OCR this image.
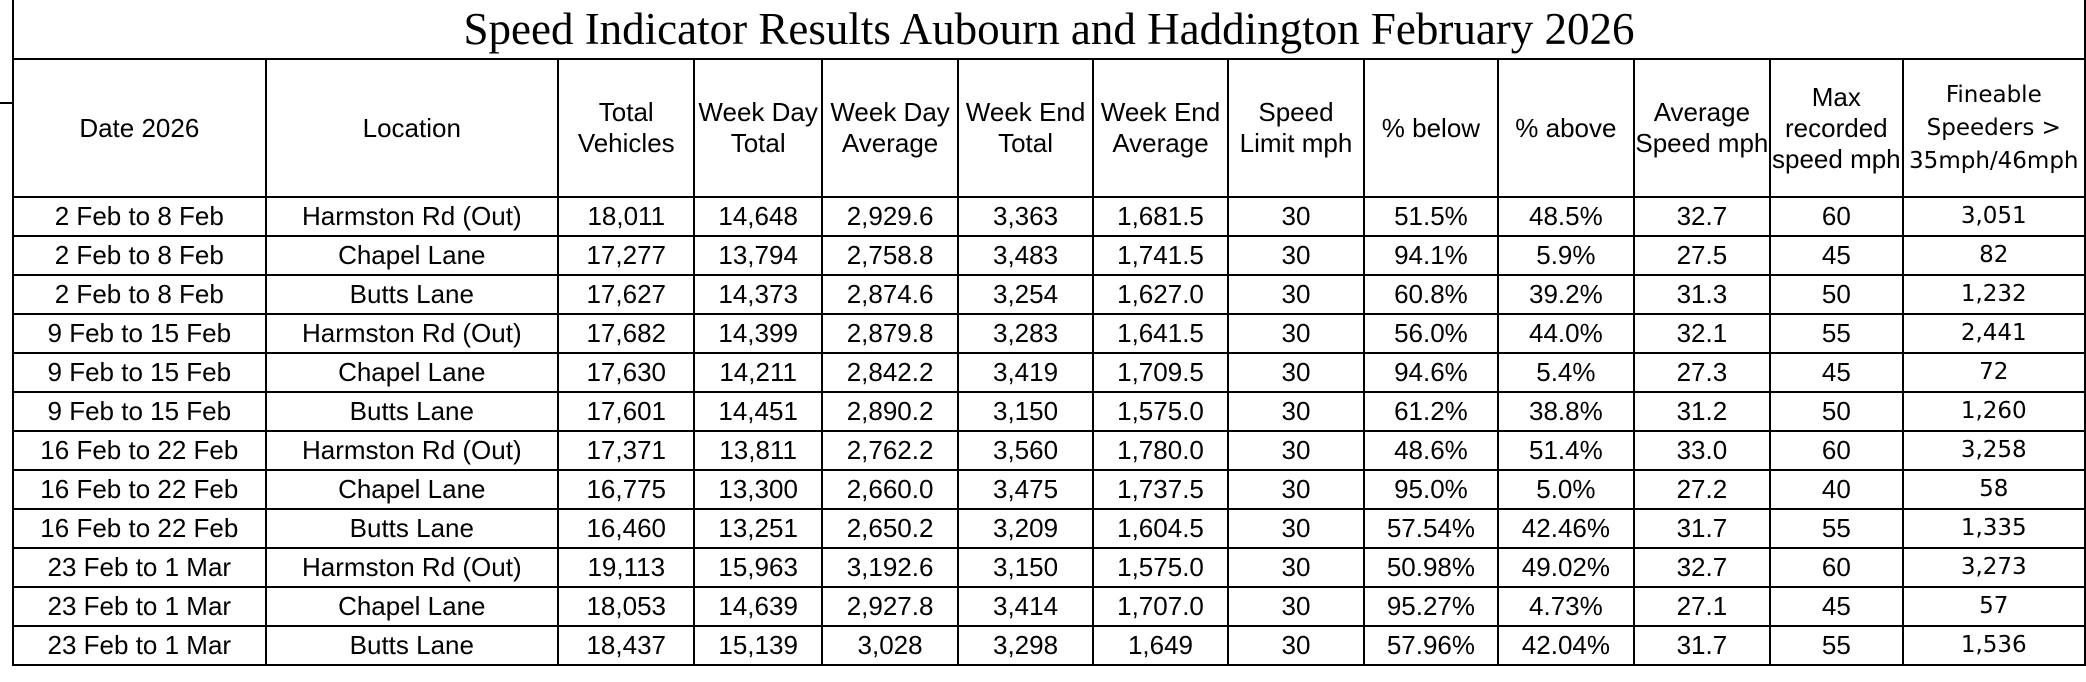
Speed Indicator Results Aubourn and Haddington February 2026												
Date 2026	Location	Total Vehicles	Week Day Total	Week Day Average	Week End Total	Week End Average	Speed Limit mph	% below	% above	Average Speed mph	Max recorded speed mph	Fineable Speeders > 35mph/46mph
2 Feb to 8 Feb	Harmston Rd (Out)	18,011	14,648	2,929.6	3,363	1,681.5	30	51.5%	48.5%	32.7	60	3,051
2 Feb to 8 Feb	Chapel Lane	17,277	13,794	2,758.8	3,483	1,741.5	30	94.1%	5.9%	27.5	45	82
2 Feb to 8 Feb	Butts Lane	17,627	14,373	2,874.6	3,254	1,627.0	30	60.8%	39.2%	31.3	50	1,232
9 Feb to 15 Feb	Harmston Rd (Out)	17,682	14,399	2,879.8	3,283	1,641.5	30	56.0%	44.0%	32.1	55	2,441
9 Feb to 15 Feb	Chapel Lane	17,630	14,211	2,842.2	3,419	1,709.5	30	94.6%	5.4%	27.3	45	72
9 Feb to 15 Feb	Butts Lane	17,601	14,451	2,890.2	3,150	1,575.0	30	61.2%	38.8%	31.2	50	1,260
16 Feb to 22 Feb	Harmston Rd (Out)	17,371	13,811	2,762.2	3,560	1,780.0	30	48.6%	51.4%	33.0	60	3,258
16 Feb to 22 Feb	Chapel Lane	16,775	13,300	2,660.0	3,475	1,737.5	30	95.0%	5.0%	27.2	40	58
16 Feb to 22 Feb	Butts Lane	16,460	13,251	2,650.2	3,209	1,604.5	30	57.54%	42.46%	31.7	55	1,335
23 Feb to 1 Mar	Harmston Rd (Out)	19,113	15,963	3,192.6	3,150	1,575.0	30	50.98%	49.02%	32.7	60	3,273
23 Feb to 1 Mar	Chapel Lane	18,053	14,639	2,927.8	3,414	1,707.0	30	95.27%	4.73%	27.1	45	57
23 Feb to 1 Mar	Butts Lane	18,437	15,139	3,028	3,298	1,649	30	57.96%	42.04%	31.7	55	1,536
